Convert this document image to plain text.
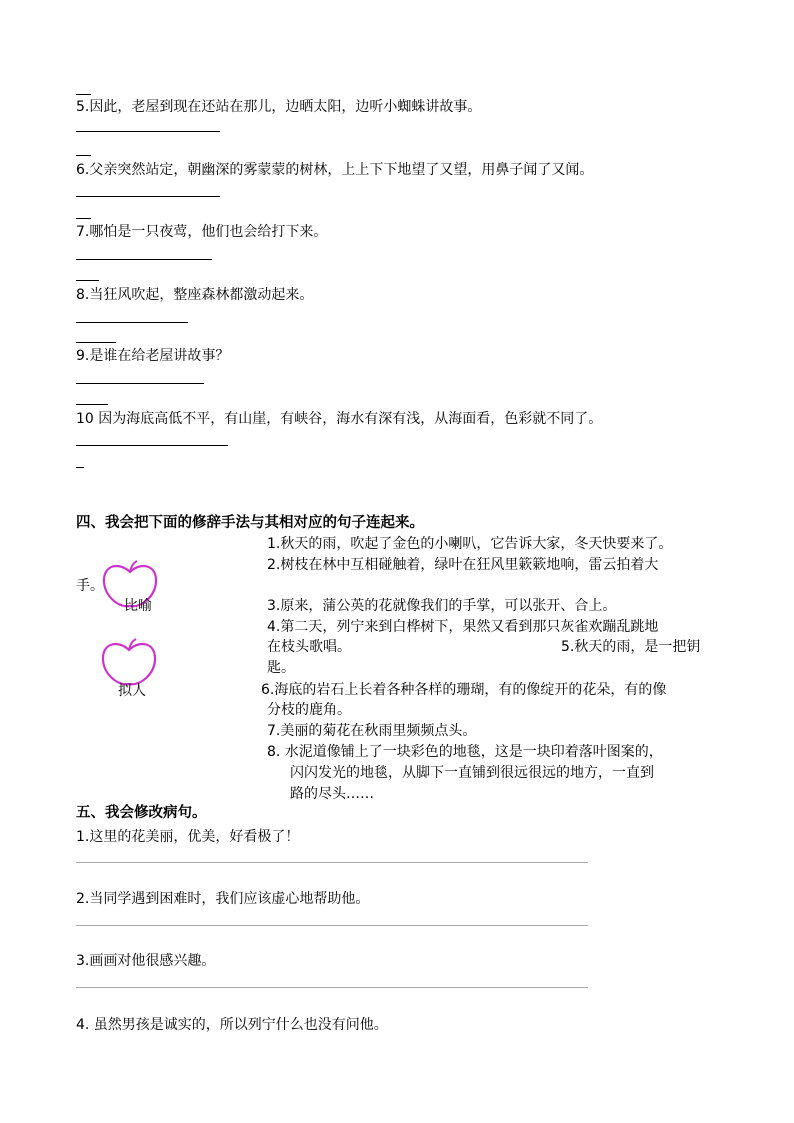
5.因此，老屋到现在还站在那儿，边晒太阳，边听小蜘蛛讲故事。
6.父亲突然站定，朝幽深的雾蒙蒙的树林，上上下下地望了又望，用鼻子闻了又闻。
7.哪怕是一只夜莺，他们也会给打下来。
8.当狂风吹起，整座森林都激动起来。
9.是谁在给老屋讲故事？
10 因为海底高低不平，有山崖，有峡谷，海水有深有浅，从海面看，色彩就不同了。
四、我会把下面的修辞手法与其相对应的句子连起来。
1.秋天的雨，吹起了金色的小喇叭，它告诉大家，冬天快要来了。
2.树枝在林中互相碰触着，绿叶在狂风里簌簌地响，雷云拍着大
手。
比喻	3.原来，蒲公英的花就像我们的手掌，可以张开、合上。
4.第二天，列宁来到白桦树下，果然又看到那只灰雀欢蹦乱跳地
在枝头歌唱。	5.秋天的雨，是一把钥
匙。
拟人	6.海底的岩石上长着各种各样的珊瑚，有的像绽开的花朵，有的像
分枝的鹿角。
7.美丽的菊花在秋雨里频频点头。
8. 水泥道像铺上了一块彩色的地毯，这是一块印着落叶图案的，
闪闪发光的地毯，从脚下一直铺到很远很远的地方，一直到
路的尽头……
五、我会修改病句。
1.这里的花美丽，优美，好看极了！
2.当同学遇到困难时，我们应该虚心地帮助他。
3.画画对他很感兴趣。
4. 虽然男孩是诚实的，所以列宁什么也没有问他。
